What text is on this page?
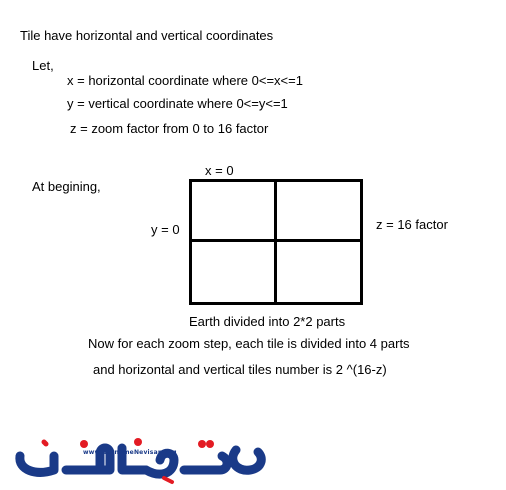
Tile have horizontal and vertical coordinates
Let,
x = horizontal coordinate where 0<=x<=1
y = vertical coordinate where 0<=y<=1
z = zoom factor from 0 to 16 factor
At begining,
x = 0
y = 0	z = 16 factor
Earth divided into 2*2 parts
Now for each zoom step, each tile is divided into 4 parts
and horizontal and vertical tiles number is 2 ^(16-z)
www.BarnameNevisan.org
